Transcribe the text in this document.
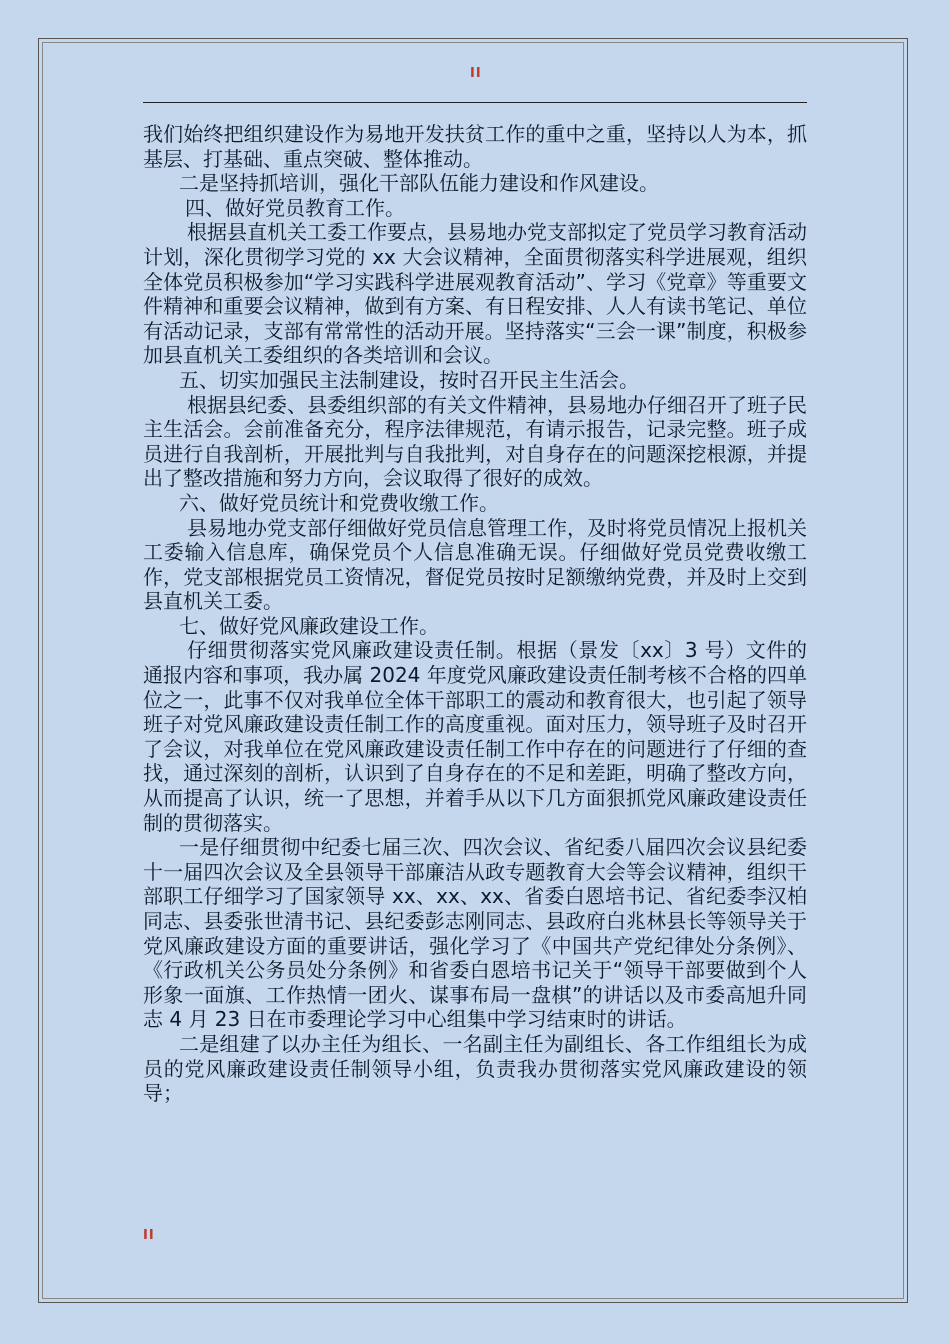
II

我们始终把组织建设作为易地开发扶贫工作的重中之重，坚持以人为本，抓基层、打基础、重点突破、整体推动。

二是坚持抓培训，强化干部队伍能力建设和作风建设。

四、做好党员教育工作。

根据县直机关工委工作要点，县易地办党支部拟定了党员学习教育活动计划，深化贯彻学习党的 xx 大会议精神，全面贯彻落实科学进展观，组织全体党员积极参加“学习实践科学进展观教育活动”、学习《党章》等重要文件精神和重要会议精神，做到有方案、有日程安排、人人有读书笔记、单位有活动记录，支部有常常性的活动开展。坚持落实“三会一课”制度，积极参加县直机关工委组织的各类培训和会议。

五、切实加强民主法制建设，按时召开民主生活会。

根据县纪委、县委组织部的有关文件精神，县易地办仔细召开了班子民主生活会。会前准备充分，程序法律规范，有请示报告，记录完整。班子成员进行自我剖析，开展批判与自我批判，对自身存在的问题深挖根源，并提出了整改措施和努力方向，会议取得了很好的成效。

六、做好党员统计和党费收缴工作。

县易地办党支部仔细做好党员信息管理工作，及时将党员情况上报机关工委输入信息库，确保党员个人信息准确无误。仔细做好党员党费收缴工作，党支部根据党员工资情况，督促党员按时足额缴纳党费，并及时上交到县直机关工委。

七、做好党风廉政建设工作。

仔细贯彻落实党风廉政建设责任制。根据（景发〔xx〕3 号）文件的通报内容和事项，我办属 2024 年度党风廉政建设责任制考核不合格的四单位之一，此事不仅对我单位全体干部职工的震动和教育很大，也引起了领导班子对党风廉政建设责任制工作的高度重视。面对压力，领导班子及时召开了会议，对我单位在党风廉政建设责任制工作中存在的问题进行了仔细的查找，通过深刻的剖析，认识到了自身存在的不足和差距，明确了整改方向，从而提高了认识，统一了思想，并着手从以下几方面狠抓党风廉政建设责任制的贯彻落实。

一是仔细贯彻中纪委七届三次、四次会议、省纪委八届四次会议县纪委十一届四次会议及全县领导干部廉洁从政专题教育大会等会议精神，组织干部职工仔细学习了国家领导 xx、xx、xx、省委白恩培书记、省纪委李汉柏同志、县委张世清书记、县纪委彭志刚同志、县政府白兆林县长等领导关于党风廉政建设方面的重要讲话，强化学习了《中国共产党纪律处分条例》、《行政机关公务员处分条例》和省委白恩培书记关于“领导干部要做到个人形象一面旗、工作热情一团火、谋事布局一盘棋”的讲话以及市委高旭升同志 4 月 23 日在市委理论学习中心组集中学习结束时的讲话。

二是组建了以办主任为组长、一名副主任为副组长、各工作组组长为成员的党风廉政建设责任制领导小组，负责我办贯彻落实党风廉政建设的领导；

II
